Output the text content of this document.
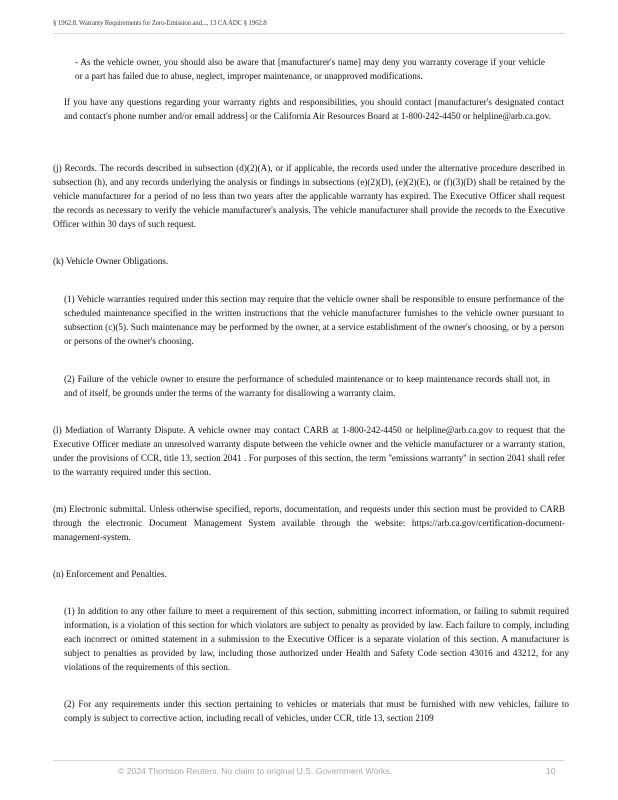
§ 1962.8. Warranty Requirements for Zero-Emission and..., 13 CA ADC § 1962.8

- As the vehicle owner, you should also be aware that [manufacturer's name] may deny you warranty coverage if your vehicle or a part has failed due to abuse, neglect, improper maintenance, or unapproved modifications.

If you have any questions regarding your warranty rights and responsibilities, you should contact [manufacturer's designated contact and contact's phone number and/or email address] or the California Air Resources Board at 1-800-242-4450 or helpline@arb.ca.gov.

(j) Records. The records described in subsection (d)(2)(A), or if applicable, the records used under the alternative procedure described in subsection (h), and any records underlying the analysis or findings in subsections (e)(2)(D), (e)(2)(E), or (f)(3)(D) shall be retained by the vehicle manufacturer for a period of no less than two years after the applicable warranty has expired. The Executive Officer shall request the records as necessary to verify the vehicle manufacturer's analysis. The vehicle manufacturer shall provide the records to the Executive Officer within 30 days of such request.

(k) Vehicle Owner Obligations.

(1) Vehicle warranties required under this section may require that the vehicle owner shall be responsible to ensure performance of the scheduled maintenance specified in the written instructions that the vehicle manufacturer furnishes to the vehicle owner pursuant to subsection (c)(5). Such maintenance may be performed by the owner, at a service establishment of the owner's choosing, or by a person or persons of the owner's choosing.

(2) Failure of the vehicle owner to ensure the performance of scheduled maintenance or to keep maintenance records shall not, in and of itself, be grounds under the terms of the warranty for disallowing a warranty claim.

(l) Mediation of Warranty Dispute. A vehicle owner may contact CARB at 1-800-242-4450 or helpline@arb.ca.gov to request that the Executive Officer mediate an unresolved warranty dispute between the vehicle owner and the vehicle manufacturer or a warranty station, under the provisions of CCR, title 13, section 2041 . For purposes of this section, the term ''emissions warranty'' in section 2041 shall refer to the warranty required under this section.

(m) Electronic submittal. Unless otherwise specified, reports, documentation, and requests under this section must be provided to CARB through the electronic Document Management System available through the website: https://arb.ca.gov/certification-document-management-system.

(n) Enforcement and Penalties.

(1) In addition to any other failure to meet a requirement of this section, submitting incorrect information, or failing to submit required information, is a violation of this section for which violators are subject to penalty as provided by law. Each failure to comply, including each incorrect or omitted statement in a submission to the Executive Officer is a separate violation of this section. A manufacturer is subject to penalties as provided by law, including those authorized under Health and Safety Code section 43016 and 43212, for any violations of the requirements of this section.

(2) For any requirements under this section pertaining to vehicles or materials that must be furnished with new vehicles, failure to comply is subject to corrective action, including recall of vehicles, under CCR, title 13, section 2109

© 2024 Thomson Reuters. No claim to original U.S. Government Works.	10
